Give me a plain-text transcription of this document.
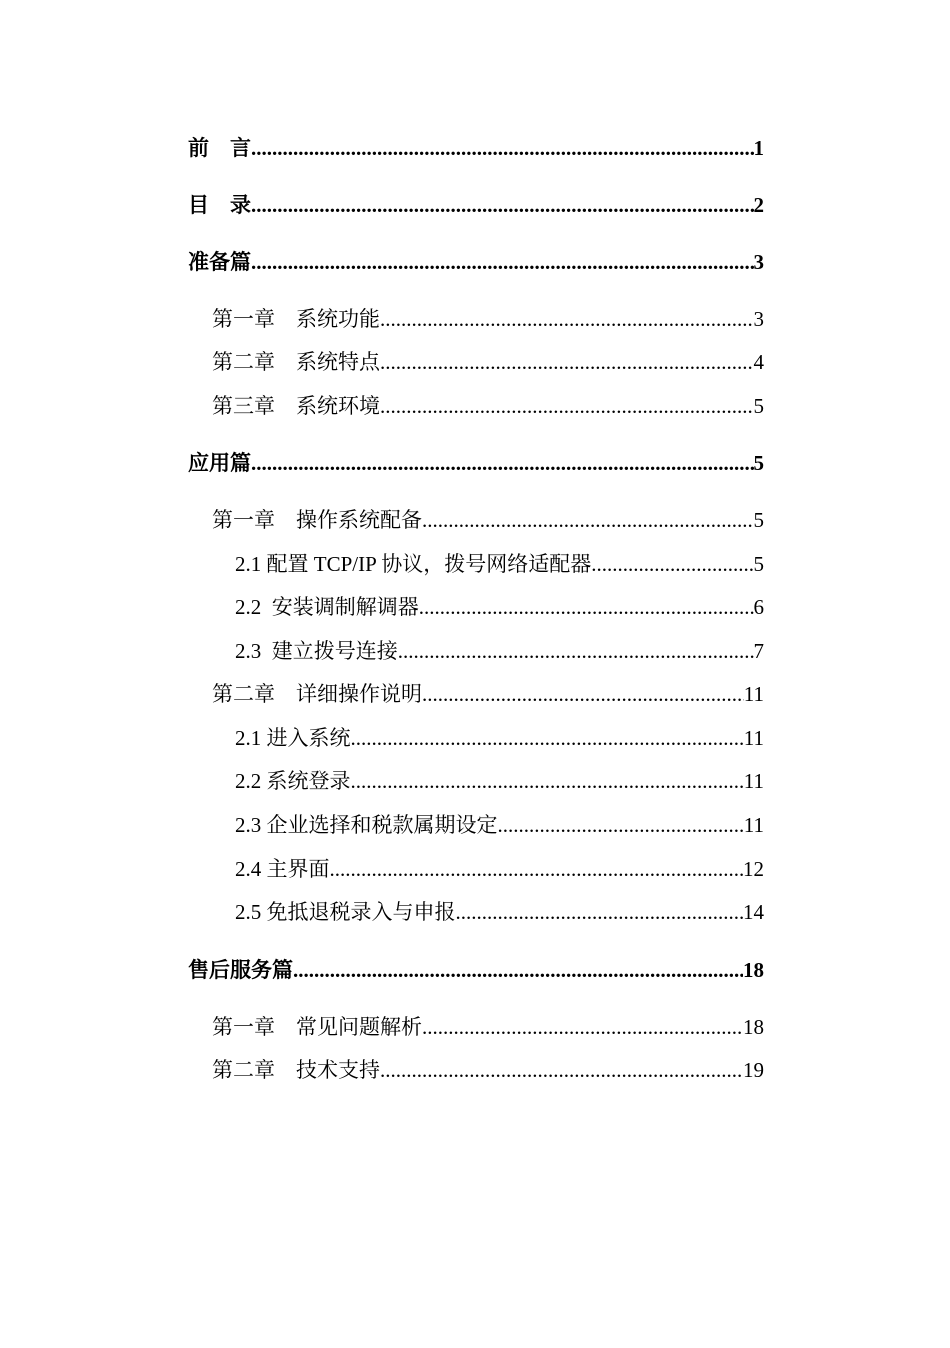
前    言 .....	1
目    录 .....	2
准备篇 .....	3
第一章    系统功能 .....	3
第二章    系统特点 .....	4
第三章    系统环境 .....	5
应用篇 .....	5
第一章    操作系统配备 .....	5
2.1 配置 TCP/IP 协议，拨号网络适配器 .....	5
2.2  安装调制解调器 .....	6
2.3  建立拨号连接 .....	7
第二章    详细操作说明 .....	11
2.1 进入系统 .....	11
2.2 系统登录 .....	11
2.3 企业选择和税款属期设定 .....	11
2.4 主界面 .....	12
2.5 免抵退税录入与申报 .....	14
售后服务篇 .....	18
第一章    常见问题解析 .....	18
第二章    技术支持 .....	19
